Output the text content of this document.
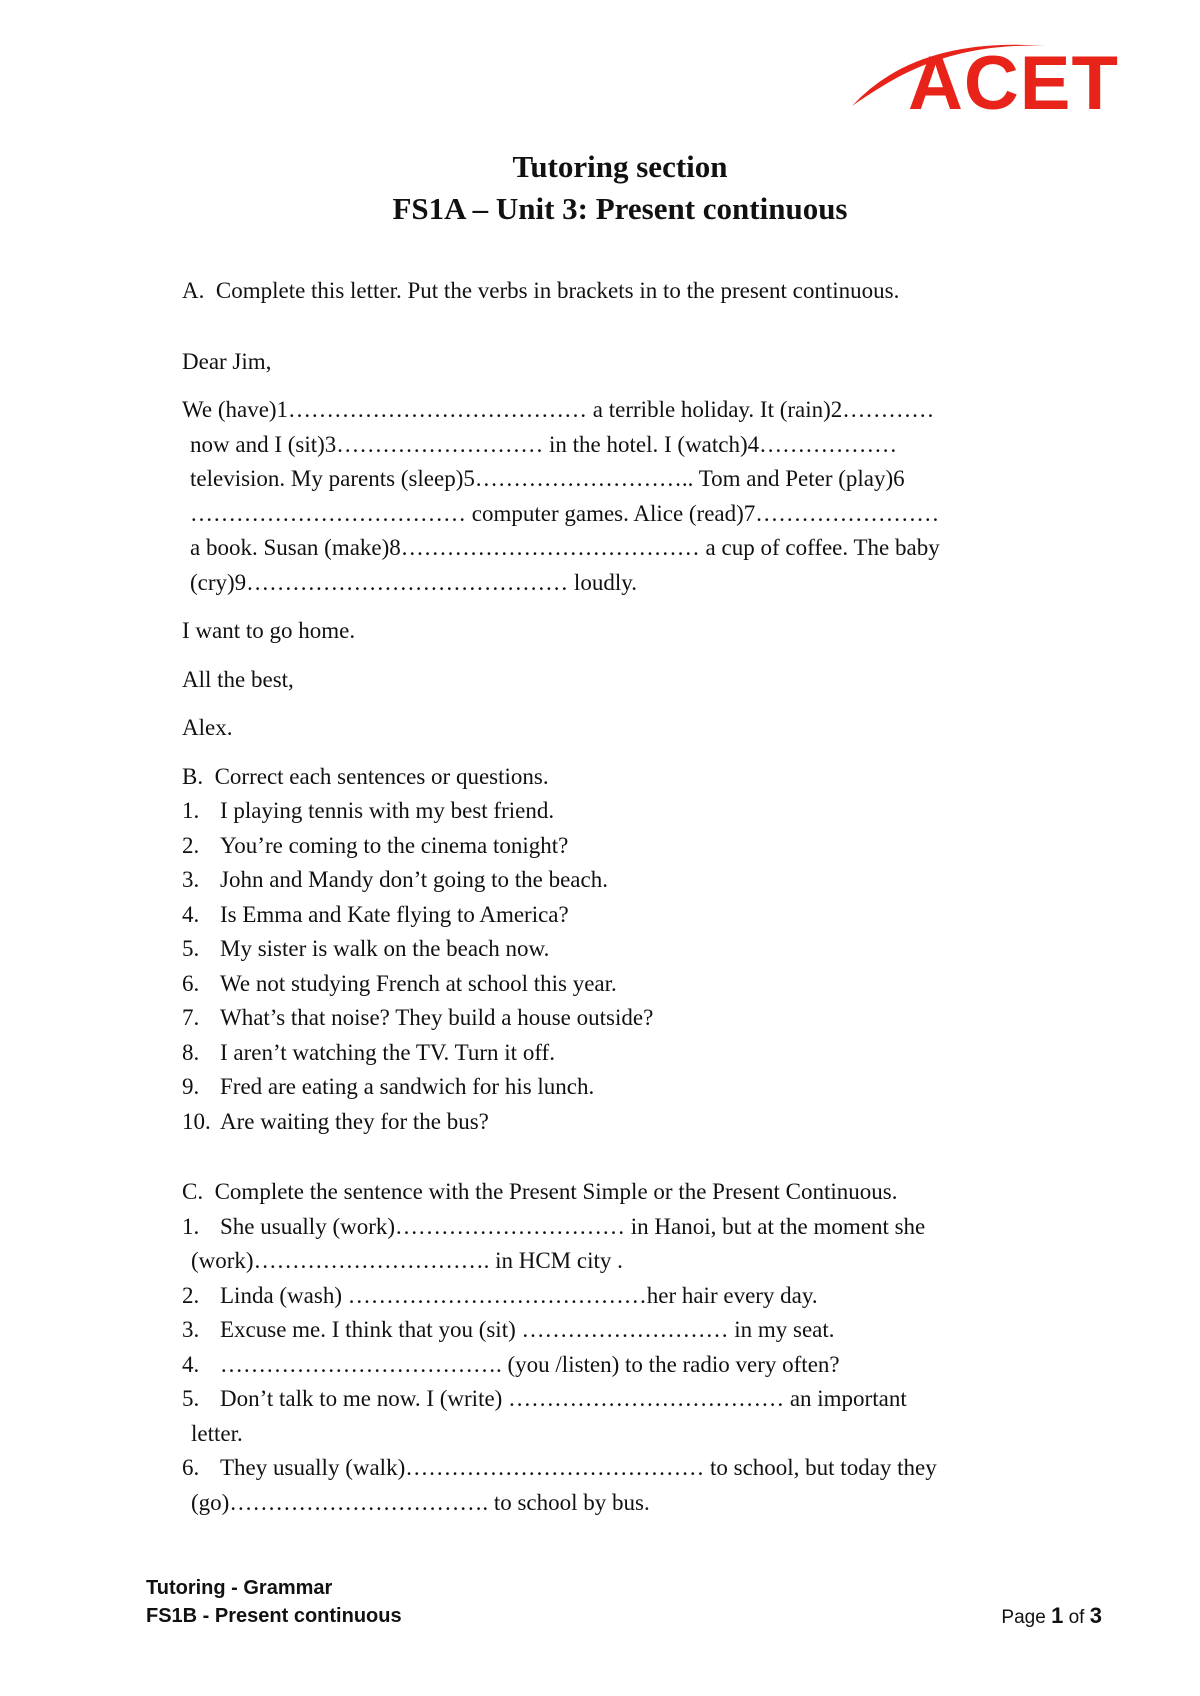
ACET
Tutoring section
FS1A – Unit 3: Present continuous
A.  Complete this letter. Put the verbs in brackets in to the present continuous.
Dear Jim,
We (have)1………………………………… a terrible holiday. It (rain)2…………
now and I (sit)3……………………… in the hotel. I (watch)4………………
television. My parents (sleep)5……………………….. Tom and Peter (play)6
……………………………… computer games. Alice (read)7……………………
a book. Susan (make)8………………………………… a cup of coffee. The baby
(cry)9…………………………………… loudly.
I want to go home.
All the best,
Alex.
B.  Correct each sentences or questions.
1. I playing tennis with my best friend.
2. You’re coming to the cinema tonight?
3. John and Mandy don’t going to the beach.
4. Is Emma and Kate flying to America?
5. My sister is walk on the beach now.
6. We not studying French at school this year.
7. What’s that noise? They build a house outside?
8. I aren’t watching the TV. Turn it off.
9. Fred are eating a sandwich for his lunch.
10. Are waiting they for the bus?
C.  Complete the sentence with the Present Simple or the Present Continuous.
1. She usually (work)………………………… in Hanoi, but at the moment she
(work)…………………………. in HCM city .
2. Linda (wash) …………………………………her hair every day.
3. Excuse me. I think that you (sit) ……………………… in my seat.
4. ………………………………. (you /listen) to the radio very often?
5. Don’t talk to me now. I (write) ……………………………… an important
letter.
6. They usually (walk)………………………………… to school, but today they
(go)……………………………. to school by bus.
Tutoring - Grammar
FS1B - Present continuous	Page 1 of 3
